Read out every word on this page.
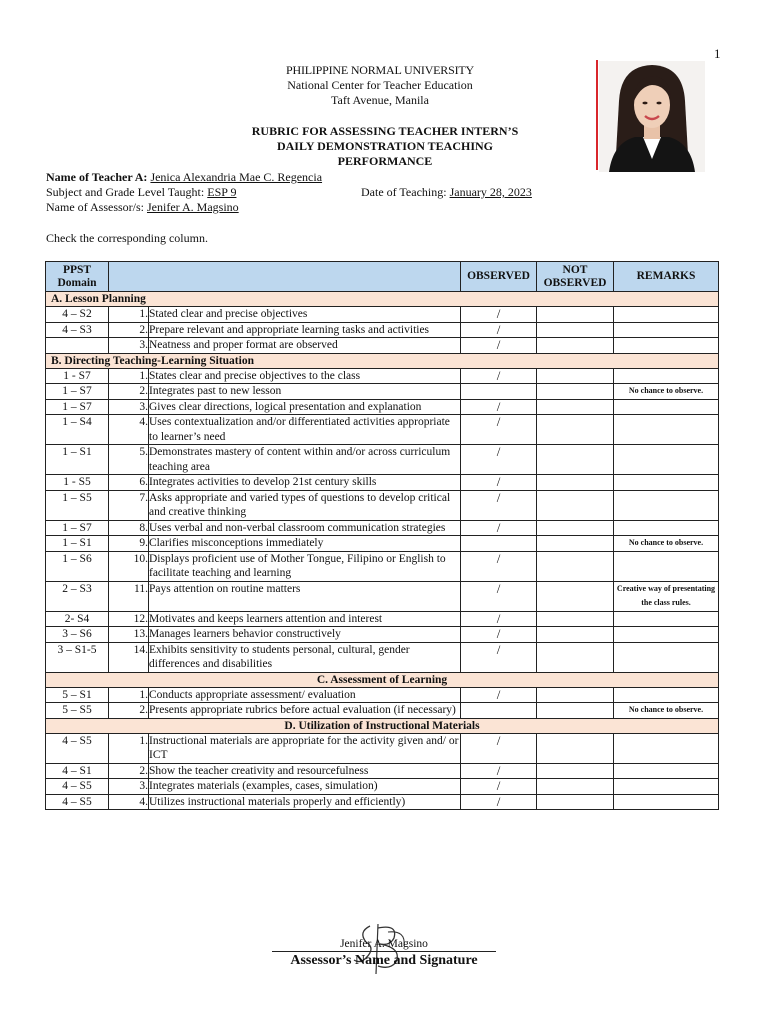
1
PHILIPPINE NORMAL UNIVERSITY
National Center for Teacher Education
Taft Avenue, Manila
RUBRIC FOR ASSESSING TEACHER INTERN’S
DAILY DEMONSTRATION TEACHING PERFORMANCE
Name of Teacher A: Jenica Alexandria Mae C. Regencia
Subject and Grade Level Taught: ESP 9	Date of Teaching: January 28, 2023
Name of Assessor/s: Jenifer A. Magsino
Check the corresponding column.
PPST Domain			OBSERVED	NOT OBSERVED	REMARKS
A. Lesson Planning					
4 – S2	1.	Stated clear and precise objectives	/		
4 – S3	2.	Prepare relevant and appropriate learning tasks and activities	/		
	3.	Neatness and proper format are observed	/		
B. Directing Teaching-Learning Situation					
1 - S7	1.	States clear and precise objectives to the class	/		
1 – S7	2.	Integrates past to new lesson			No chance to observe.
1 – S7	3.	Gives clear directions, logical presentation and explanation	/		
1 – S4	4.	Uses contextualization and/or differentiated activities appropriate to learner’s need	/		
1 – S1	5.	Demonstrates mastery of content within and/or across curriculum teaching area	/		
1 - S5	6.	Integrates activities to develop 21st century skills	/		
1 – S5	7.	Asks appropriate and varied types of questions to develop critical and creative thinking	/		
1 – S7	8.	Uses verbal and non-verbal classroom communication strategies	/		
1 – S1	9.	Clarifies misconceptions immediately			No chance to observe.
1 – S6	10.	Displays proficient use of Mother Tongue, Filipino or English to facilitate teaching and learning	/		
2 – S3	11.	Pays attention on routine matters	/		Creative way of presentating the class rules.
2- S4	12.	Motivates and keeps learners attention and interest	/		
3 – S6	13.	Manages learners behavior constructively	/		
3 – S1-5	14.	Exhibits sensitivity to students personal, cultural, gender differences and disabilities	/		
C. Assessment of Learning					
5 – S1	1.	Conducts appropriate assessment/ evaluation	/		
5 – S5	2.	Presents appropriate rubrics before actual evaluation (if necessary)			No chance to observe.
D. Utilization of Instructional Materials					
4 – S5	1.	Instructional materials are appropriate for the activity given and/ or ICT	/		
4 – S1	2.	Show the teacher creativity and resourcefulness	/		
4 – S5	3.	Integrates materials (examples, cases, simulation)	/		
4 – S5	4.	Utilizes instructional materials properly and efficiently)	/		
Jenifer A. Magsino
Assessor’s Name and Signature
